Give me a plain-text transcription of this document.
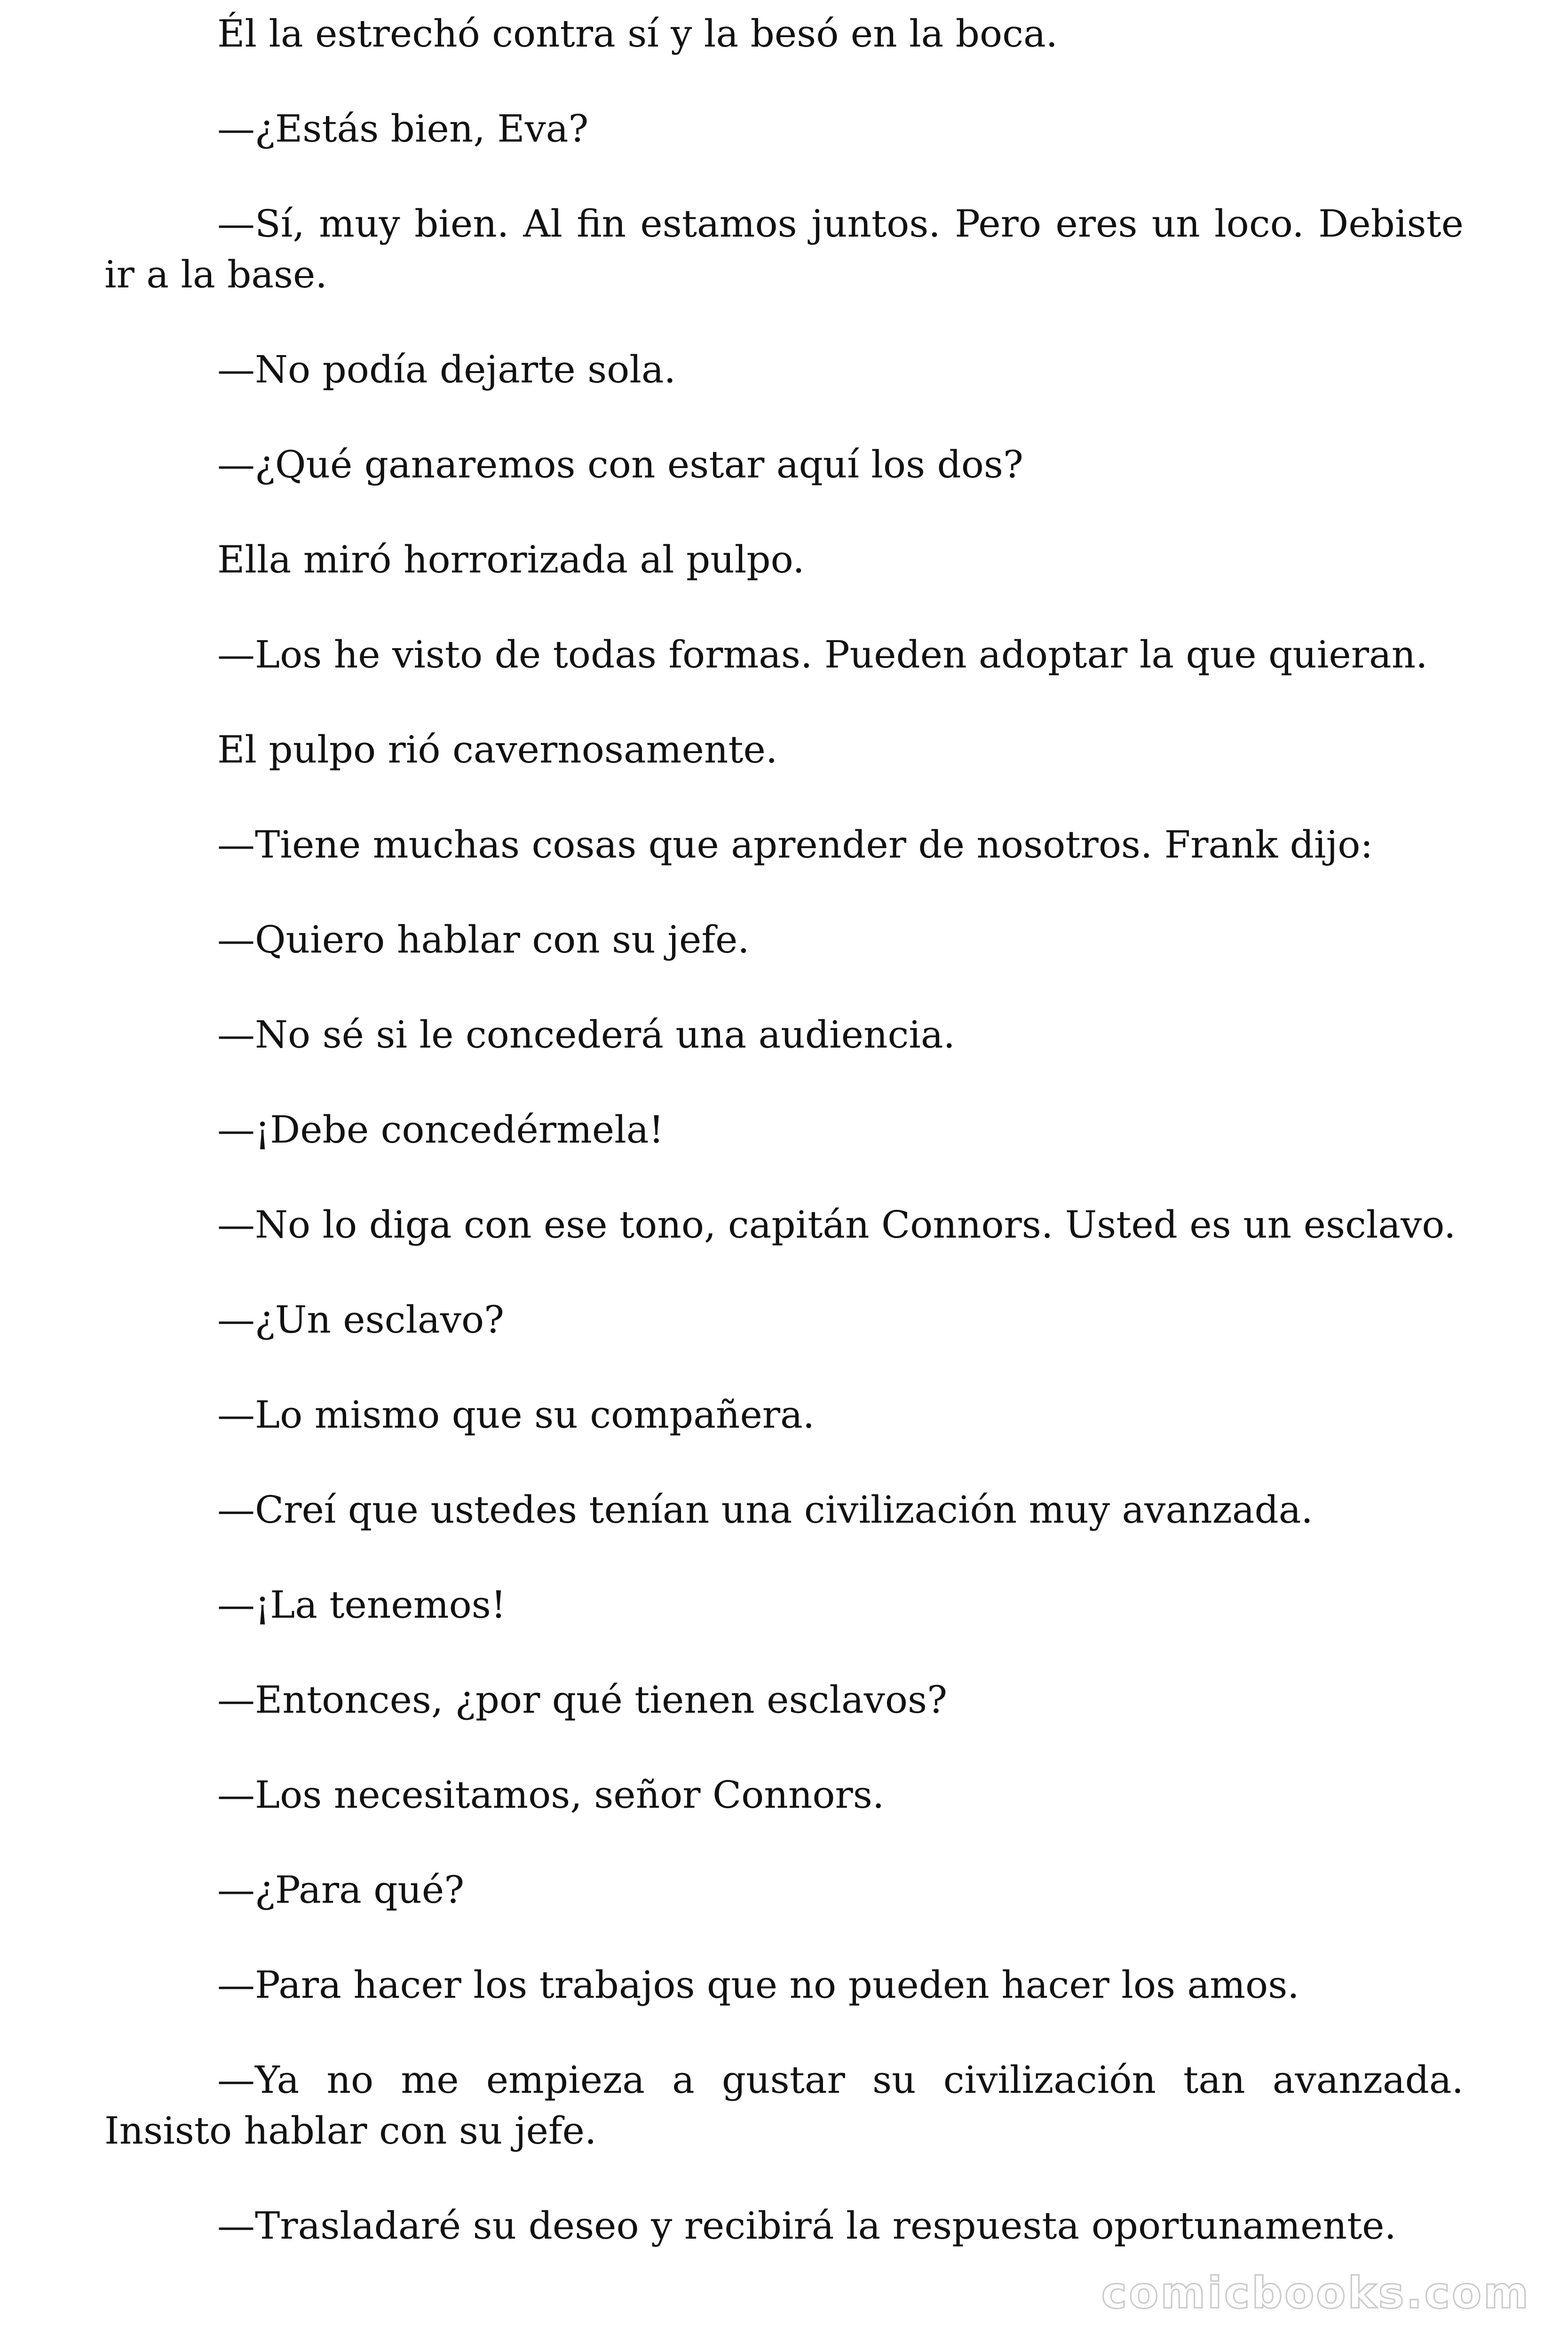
Él la estrechó contra sí y la besó en la boca.

—¿Estás bien, Eva?

—Sí, muy bien. Al fin estamos juntos. Pero eres un loco. Debiste ir a la base.

—No podía dejarte sola.

—¿Qué ganaremos con estar aquí los dos?

Ella miró horrorizada al pulpo.

—Los he visto de todas formas. Pueden adoptar la que quieran.

El pulpo rió cavernosamente.

—Tiene muchas cosas que aprender de nosotros. Frank dijo:

—Quiero hablar con su jefe.

—No sé si le concederá una audiencia.

—¡Debe concedérmela!

—No lo diga con ese tono, capitán Connors. Usted es un esclavo.

—¿Un esclavo?

—Lo mismo que su compañera.

—Creí que ustedes tenían una civilización muy avanzada.

—¡La tenemos!

—Entonces, ¿por qué tienen esclavos?

—Los necesitamos, señor Connors.

—¿Para qué?

—Para hacer los trabajos que no pueden hacer los amos.

—Ya no me empieza a gustar su civilización tan avanzada. Insisto hablar con su jefe.

—Trasladaré su deseo y recibirá la respuesta oportunamente.

comicbooks.com
